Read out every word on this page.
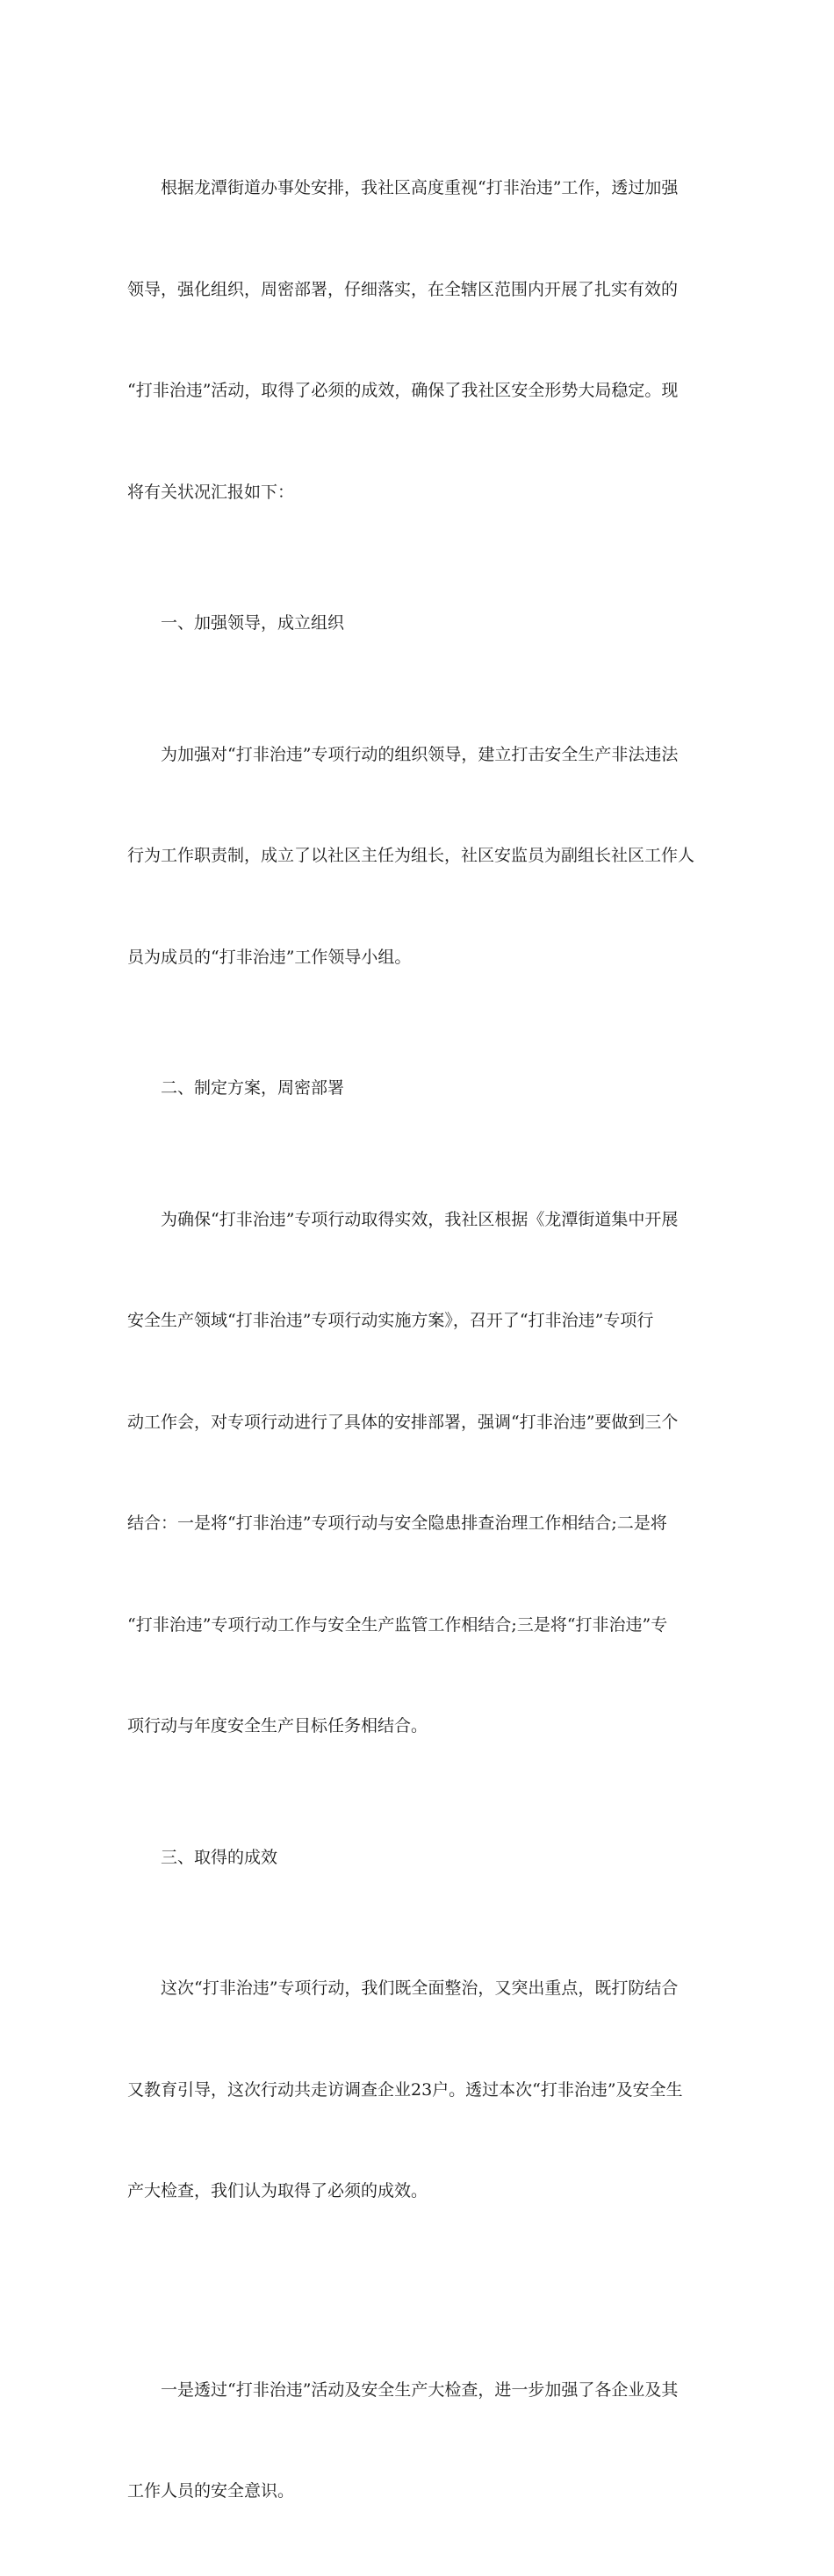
根据龙潭街道办事处安排，我社区高度重视“打非治违”工作，透过加强

领导，强化组织，周密部署，仔细落实，在全辖区范围内开展了扎实有效的

“打非治违”活动，取得了必须的成效，确保了我社区安全形势大局稳定。现

将有关状况汇报如下：

一、加强领导，成立组织

为加强对“打非治违”专项行动的组织领导，建立打击安全生产非法违法

行为工作职责制，成立了以社区主任为组长，社区安监员为副组长社区工作人

员为成员的“打非治违”工作领导小组。

二、制定方案，周密部署

为确保“打非治违”专项行动取得实效，我社区根据《龙潭街道集中开展

安全生产领域“打非治违”专项行动实施方案》，召开了“打非治违”专项行

动工作会，对专项行动进行了具体的安排部署，强调“打非治违”要做到三个

结合：一是将“打非治违”专项行动与安全隐患排查治理工作相结合;二是将

“打非治违”专项行动工作与安全生产监管工作相结合;三是将“打非治违”专

项行动与年度安全生产目标任务相结合。

三、取得的成效

这次“打非治违”专项行动，我们既全面整治，又突出重点，既打防结合

又教育引导，这次行动共走访调查企业23户。透过本次“打非治违”及安全生

产大检查，我们认为取得了必须的成效。

一是透过“打非治违”活动及安全生产大检查，进一步加强了各企业及其

工作人员的安全意识。
